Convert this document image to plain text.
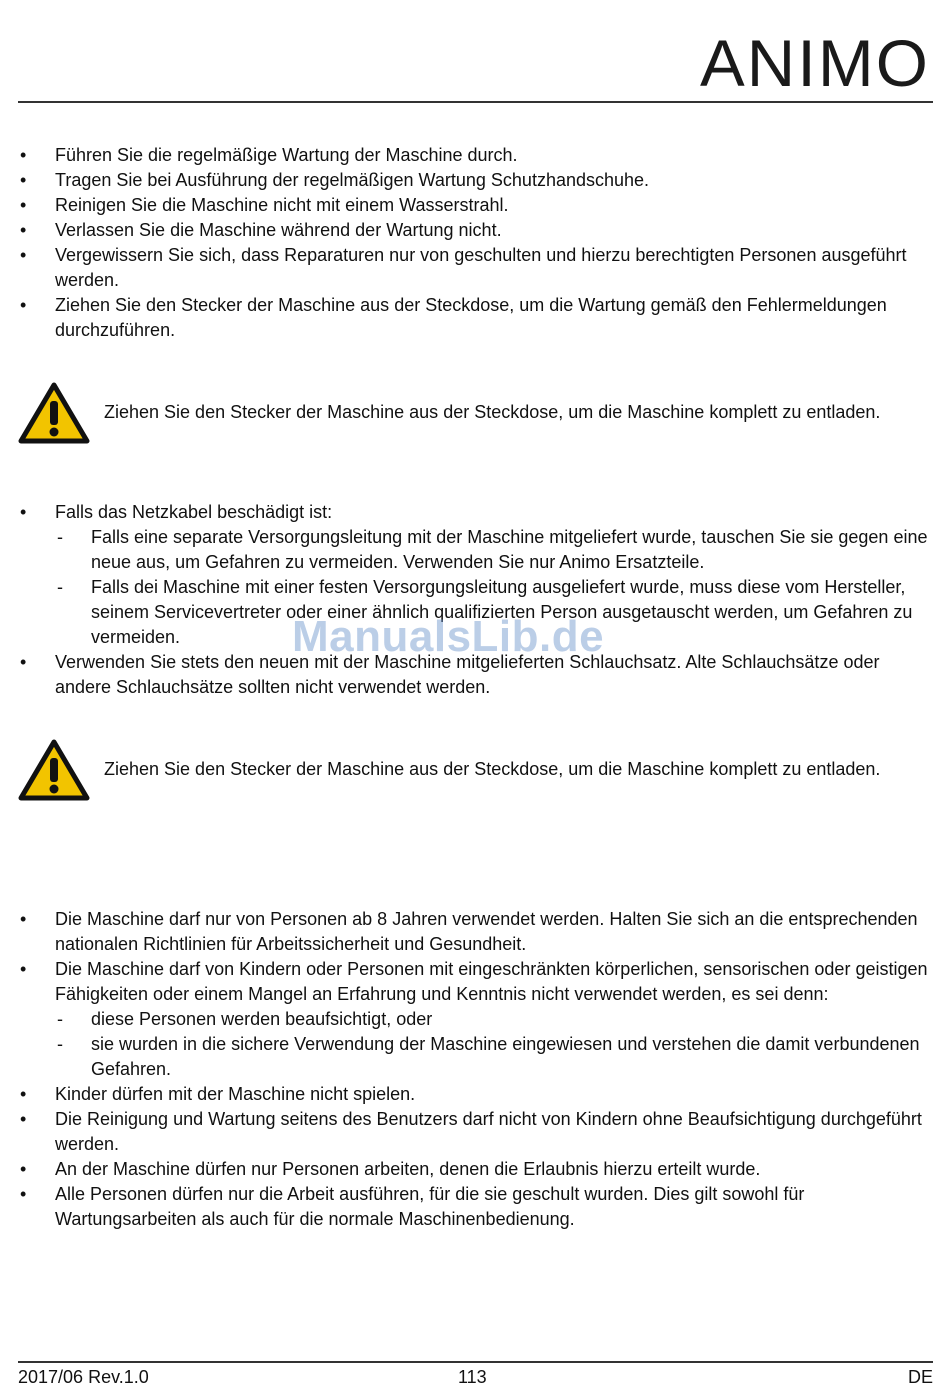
ANIMO
• Führen Sie die regelmäßige Wartung der Maschine durch.
• Tragen Sie bei Ausführung der regelmäßigen Wartung Schutzhandschuhe.
• Reinigen Sie die Maschine nicht mit einem Wasserstrahl.
• Verlassen Sie die Maschine während der Wartung nicht.
• Vergewissern Sie sich, dass Reparaturen nur von geschulten und hierzu berechtigten Personen ausgeführt werden.
• Ziehen Sie den Stecker der Maschine aus der Steckdose, um die Wartung gemäß den Fehlermeldungen durchzuführen.
Ziehen Sie den Stecker der Maschine aus der Steckdose, um die Maschine komplett zu entladen.
• Falls das Netzkabel beschädigt ist:
- Falls eine separate Versorgungsleitung mit der Maschine mitgeliefert wurde, tauschen Sie sie gegen eine neue aus, um Gefahren zu vermeiden. Verwenden Sie nur Animo Ersatzteile.
- Falls dei Maschine mit einer festen Versorgungsleitung ausgeliefert wurde, muss diese vom Hersteller, seinem Servicevertreter oder einer ähnlich qualifizierten Person ausgetauscht werden, um Gefahren zu vermeiden.
• Verwenden Sie stets den neuen mit der Maschine mitgelieferten Schlauchsatz. Alte Schlauchsätze oder andere Schlauchsätze sollten nicht verwendet werden.
Ziehen Sie den Stecker der Maschine aus der Steckdose, um die Maschine komplett zu entladen.
• Die Maschine darf nur von Personen ab 8 Jahren verwendet werden. Halten Sie sich an die entsprechenden nationalen Richtlinien für Arbeitssicherheit und Gesundheit.
• Die Maschine darf von Kindern oder Personen mit eingeschränkten körperlichen, sensorischen oder geistigen Fähigkeiten oder einem Mangel an Erfahrung und Kenntnis nicht verwendet werden, es sei denn:
- diese Personen werden beaufsichtigt, oder
- sie wurden in die sichere Verwendung der Maschine eingewiesen und verstehen die damit verbundenen Gefahren.
• Kinder dürfen mit der Maschine nicht spielen.
• Die Reinigung und Wartung seitens des Benutzers darf nicht von Kindern ohne Beaufsichtigung durchgeführt werden.
• An der Maschine dürfen nur Personen arbeiten, denen die Erlaubnis hierzu erteilt wurde.
• Alle Personen dürfen nur die Arbeit ausführen, für die sie geschult wurden. Dies gilt sowohl für Wartungsarbeiten als auch für die normale Maschinenbedienung.
ManualsLib.de
2017/06 Rev.1.0	113	DE
